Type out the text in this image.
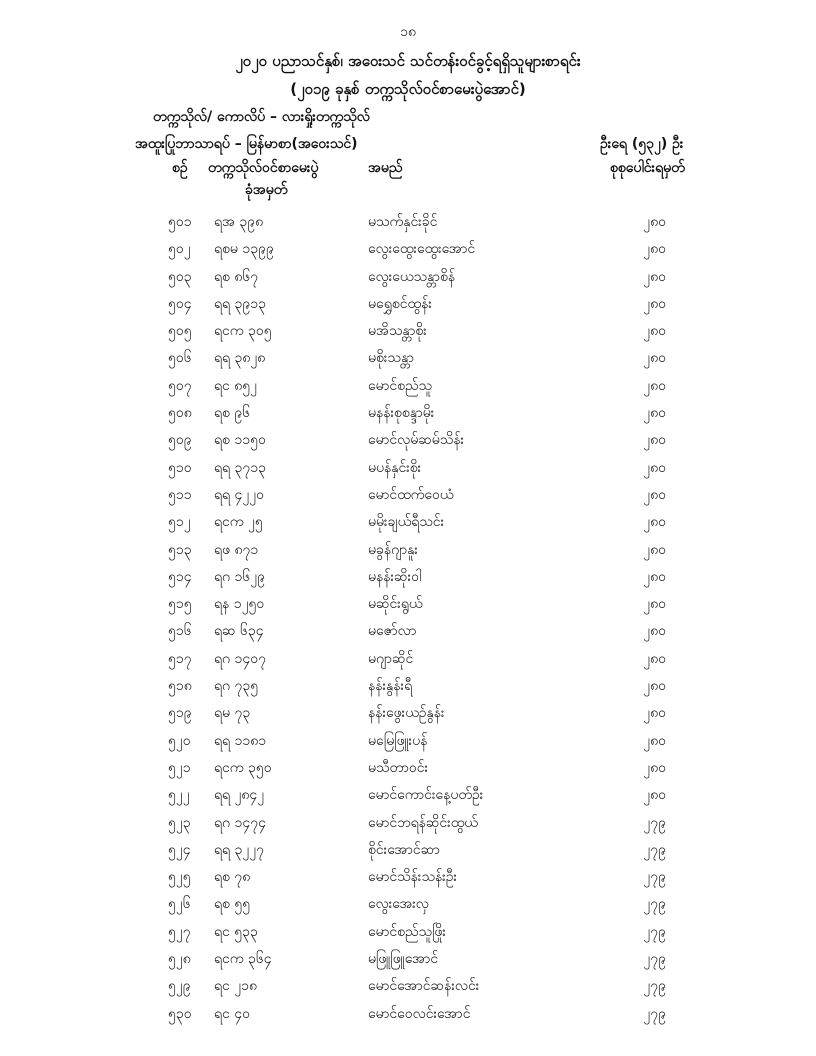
၁၈
၂၀၂၀ ပညာသင်နှစ်၊ အဝေးသင် သင်တန်းဝင်ခွင့်ရရှိသူများစာရင်း
(၂၀၁၉ ခုနှစ် တက္ကသိုလ်ဝင်စာမေးပွဲအောင်)
တက္ကသိုလ်/ ကောလိပ် – လားရှိုးတက္ကသိုလ်
အထူးပြုဘာသာရပ် – မြန်မာစာ(အဝေးသင်)	ဦးရေ (၅၃၂) ဦး
စဉ် တက္ကသိုလ်ဝင်စာမေးပွဲ
ခုံအမှတ်
အမည်	စုစုပေါင်းရမှတ်
၅၀၁ ရအ ၃၉၈	မသက်နှင်းခိုင်	၂၈၀
၅၀၂ ရစမ ၁၃၉၉	လွေးထွေးထွေးအောင်	၂၈၀
၅၀၃ ရစ ၈၆၇	လွေးယေသန္တာစိန်	၂၈၀
၅၀၄ ရရ ၃၉၁၃	မရွှေစင်ထွန်း	၂၈၀
၅၀၅ ရငက ၃၀၅	မအိသန္တာစိုး	၂၈၀
၅၀၆ ရရ ၃၈၂၈	မစိုးသန္တာ	၂၈၀
၅၀၇ ရင ၈၅၂	မောင်စည်သူ	၂၈၀
၅၀၈ ရစ ၉၆	မနန်းစုစန္ဒာမိုး	၂၈၀
၅၀၉ ရစ ၁၁၅၀	မောင်လုမ်ဆမ်သိန်း	၂၈၀
၅၁၀ ရရ ၃၇၁၃	မပန်နှင်းစိုး	၂၈၀
၅၁၁ ရရ ၄၂၂၀	မောင်ထက်ဝေယံ	၂၈၀
၅၁၂ ရငက ၂၅	မမိုးချယ်ရီသင်း	၂၈၀
၅၁၃ ရဖ ၈၇၁	မခွန်ဂျာနူး	၂၈၀
၅၁၄ ရဂ ၁၆၂၉	မနန်းဆိုးဝါ	၂၈၀
၅၁၅ ရန ၁၂၅၀	မဆိုင်းရွယ်	၂၈၀
၅၁၆ ရဆ ၆၃၄	မဇော်လာ	၂၈၀
၅၁၇ ရဂ ၁၄၀၇	မဂျာဆိုင်	၂၈၀
၅၁၈ ရဂ ၇၃၅	နန်းနွန်းရီ	၂၈၀
၅၁၉ ရမ ၇၃	နန်းဖွေးယဉ်နွန်း	၂၈၀
၅၂၀ ရရ ၁၁၈၁	မမြေဖြူးပန်	၂၈၀
၅၂၁ ရငက ၃၅၀	မသီတာဝင်း	၂၈၀
၅၂၂ ရရ ၂၈၄၂	မောင်ကောင်းနေ့ပတ်ဦး	၂၈၀
၅၂၃ ရဂ ၁၄၇၄	မောင်ဘရန်ဆိုင်းထွယ်	၂၇၉
၅၂၄ ရရ ၃၂၂၇	စိုင်းအောင်ဆာ	၂၇၉
၅၂၅ ရစ ၇၈	မောင်သိန်းသန်းဦး	၂၇၉
၅၂၆ ရစ ၅၅	လွေးအေးလှ	၂၇၉
၅၂၇ ရင ၅၃၃	မောင်စည်သူဖြိုး	၂၇၉
၅၂၈ ရငက ၃၆၄	မဖြူဖြူအောင်	၂၇၉
၅၂၉ ရင ၂၁၈	မောင်အောင်ဆန်းလင်း	၂၇၉
၅၃၀ ရင ၄၀	မောင်ဝေလင်းအောင်	၂၇၉
